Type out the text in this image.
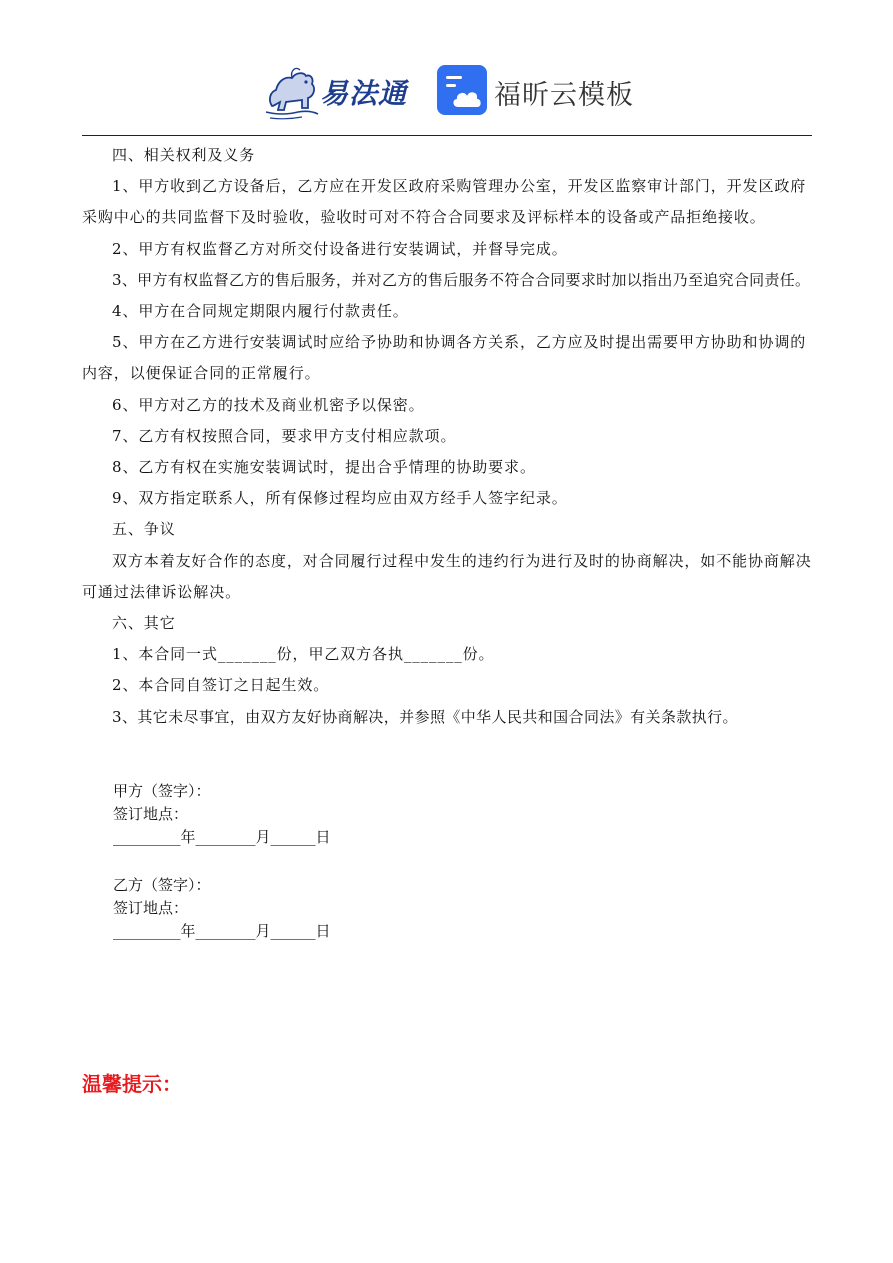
易法通	福昕云模板

四、相关权利及义务

1、甲方收到乙方设备后，乙方应在开发区政府采购管理办公室，开发区监察审计部门，开发区政府采购中心的共同监督下及时验收，验收时可对不符合合同要求及评标样本的设备或产品拒绝接收。

2、甲方有权监督乙方对所交付设备进行安装调试，并督导完成。

3、甲方有权监督乙方的售后服务，并对乙方的售后服务不符合合同要求时加以指出乃至追究合同责任。

4、甲方在合同规定期限内履行付款责任。

5、甲方在乙方进行安装调试时应给予协助和协调各方关系，乙方应及时提出需要甲方协助和协调的内容，以便保证合同的正常履行。

6、甲方对乙方的技术及商业机密予以保密。

7、乙方有权按照合同，要求甲方支付相应款项。

8、乙方有权在实施安装调试时，提出合乎情理的协助要求。

9、双方指定联系人，所有保修过程均应由双方经手人签字纪录。

五、争议

双方本着友好合作的态度，对合同履行过程中发生的违约行为进行及时的协商解决，如不能协商解决可通过法律诉讼解决。

六、其它

1、本合同一式_______份，甲乙双方各执_______份。

2、本合同自签订之日起生效。

3、其它未尽事宜，由双方友好协商解决，并参照《中华人民共和国合同法》有关条款执行。

甲方（签字）：
签订地点：
_________年________月______日
乙方（签字）：
签订地点：
_________年________月______日
温馨提示：
